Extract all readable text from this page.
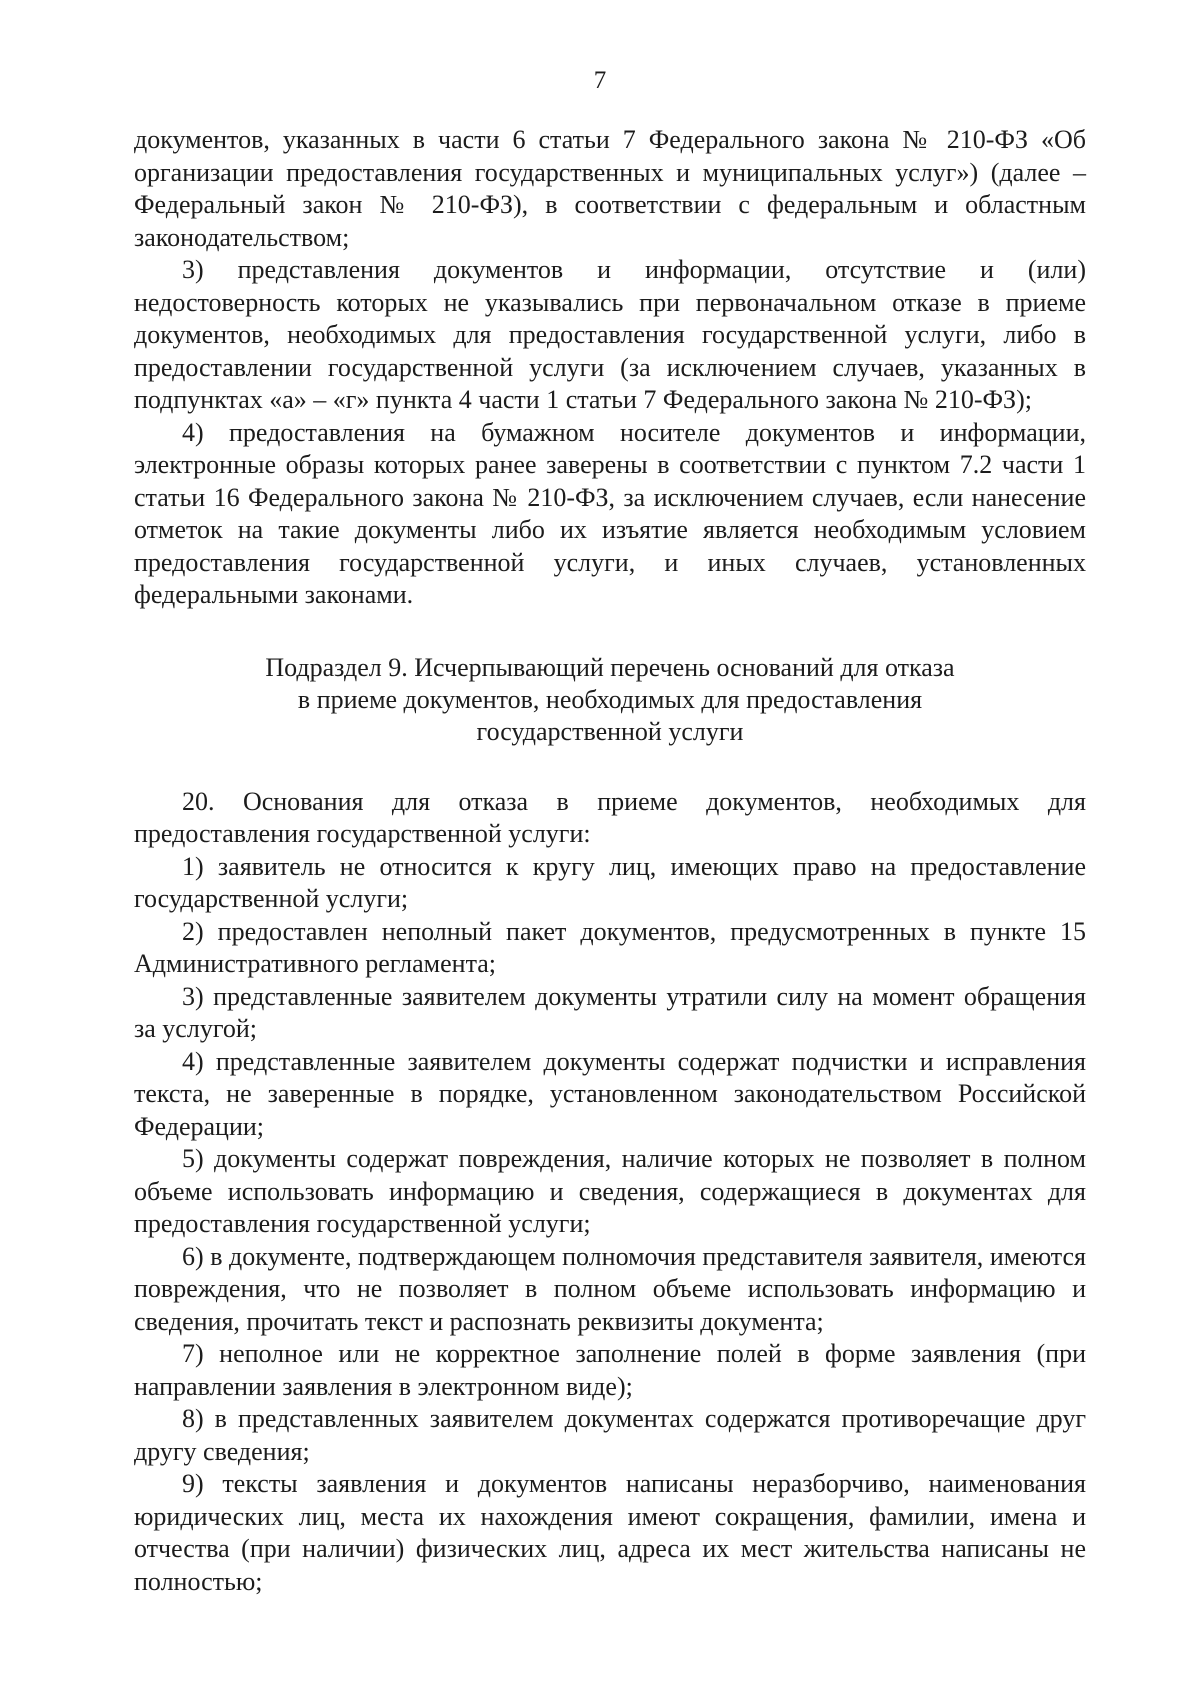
7

документов, указанных в части 6 статьи 7 Федерального закона № 210-ФЗ «Об организации предоставления государственных и муниципальных услуг») (далее – Федеральный закон № 210-ФЗ), в соответствии с федеральным и областным законодательством;

3) представления документов и информации, отсутствие и (или) недостоверность которых не указывались при первоначальном отказе в приеме документов, необходимых для предоставления государственной услуги, либо в предоставлении государственной услуги (за исключением случаев, указанных в подпунктах «а» – «г» пункта 4 части 1 статьи 7 Федерального закона № 210-ФЗ);

4) предоставления на бумажном носителе документов и информации, электронные образы которых ранее заверены в соответствии с пунктом 7.2 части 1 статьи 16 Федерального закона № 210-ФЗ, за исключением случаев, если нанесение отметок на такие документы либо их изъятие является необходимым условием предоставления государственной услуги, и иных случаев, установленных федеральными законами.

Подраздел 9. Исчерпывающий перечень оснований для отказа
в приеме документов, необходимых для предоставления
государственной услуги

20. Основания для отказа в приеме документов, необходимых для предоставления государственной услуги:

1) заявитель не относится к кругу лиц, имеющих право на предоставление государственной услуги;

2) предоставлен неполный пакет документов, предусмотренных в пункте 15 Административного регламента;

3) представленные заявителем документы утратили силу на момент обращения за услугой;

4) представленные заявителем документы содержат подчистки и исправления текста, не заверенные в порядке, установленном законодательством Российской Федерации;

5) документы содержат повреждения, наличие которых не позволяет в полном объеме использовать информацию и сведения, содержащиеся в документах для предоставления государственной услуги;

6) в документе, подтверждающем полномочия представителя заявителя, имеются повреждения, что не позволяет в полном объеме использовать информацию и сведения, прочитать текст и распознать реквизиты документа;

7) неполное или не корректное заполнение полей в форме заявления (при направлении заявления в электронном виде);

8) в представленных заявителем документах содержатся противоречащие друг другу сведения;

9) тексты заявления и документов написаны неразборчиво, наименования юридических лиц, места их нахождения имеют сокращения, фамилии, имена и отчества (при наличии) физических лиц, адреса их мест жительства написаны не полностью;
